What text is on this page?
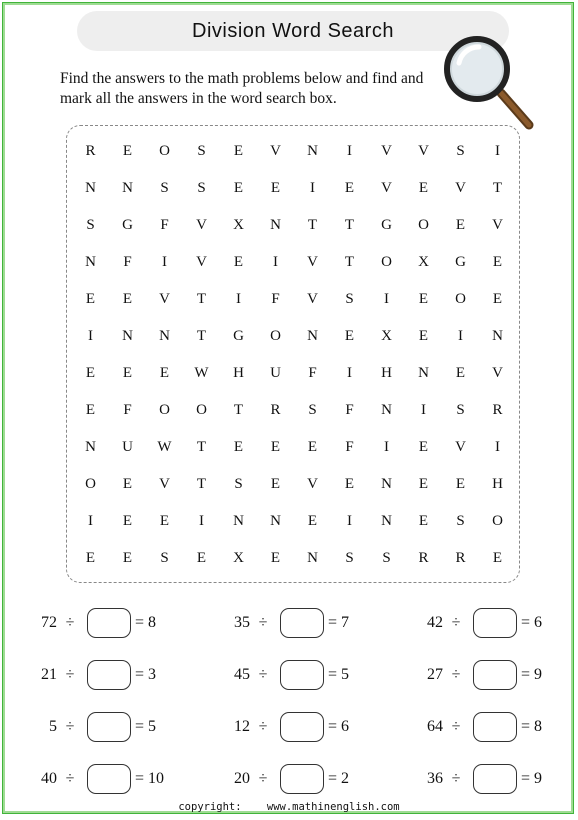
Division Word Search
Find the answers to the math problems below and find and mark all the answers in the word search box.
R	E	O	S	E	V	N	I	V	V	S	I
N	N	S	S	E	E	I	E	V	E	V	T
S	G	F	V	X	N	T	T	G	O	E	V
N	F	I	V	E	I	V	T	O	X	G	E
E	E	V	T	I	F	V	S	I	E	O	E
I	N	N	T	G	O	N	E	X	E	I	N
E	E	E	W	H	U	F	I	H	N	E	V
E	F	O	O	T	R	S	F	N	I	S	R
N	U	W	T	E	E	E	F	I	E	V	I
O	E	V	T	S	E	V	E	N	E	E	H
I	E	E	I	N	N	E	I	N	E	S	O
E	E	S	E	X	E	N	S	S	R	R	E
72 ÷	= 8	35 ÷	= 7	42 ÷	= 6
21 ÷	= 3	45 ÷	= 5	27 ÷	= 9
5 ÷	= 5	12 ÷	= 6	64 ÷	= 8
40 ÷	= 10	20 ÷	= 2	36 ÷	= 9
copyright: www.mathinenglish.com
